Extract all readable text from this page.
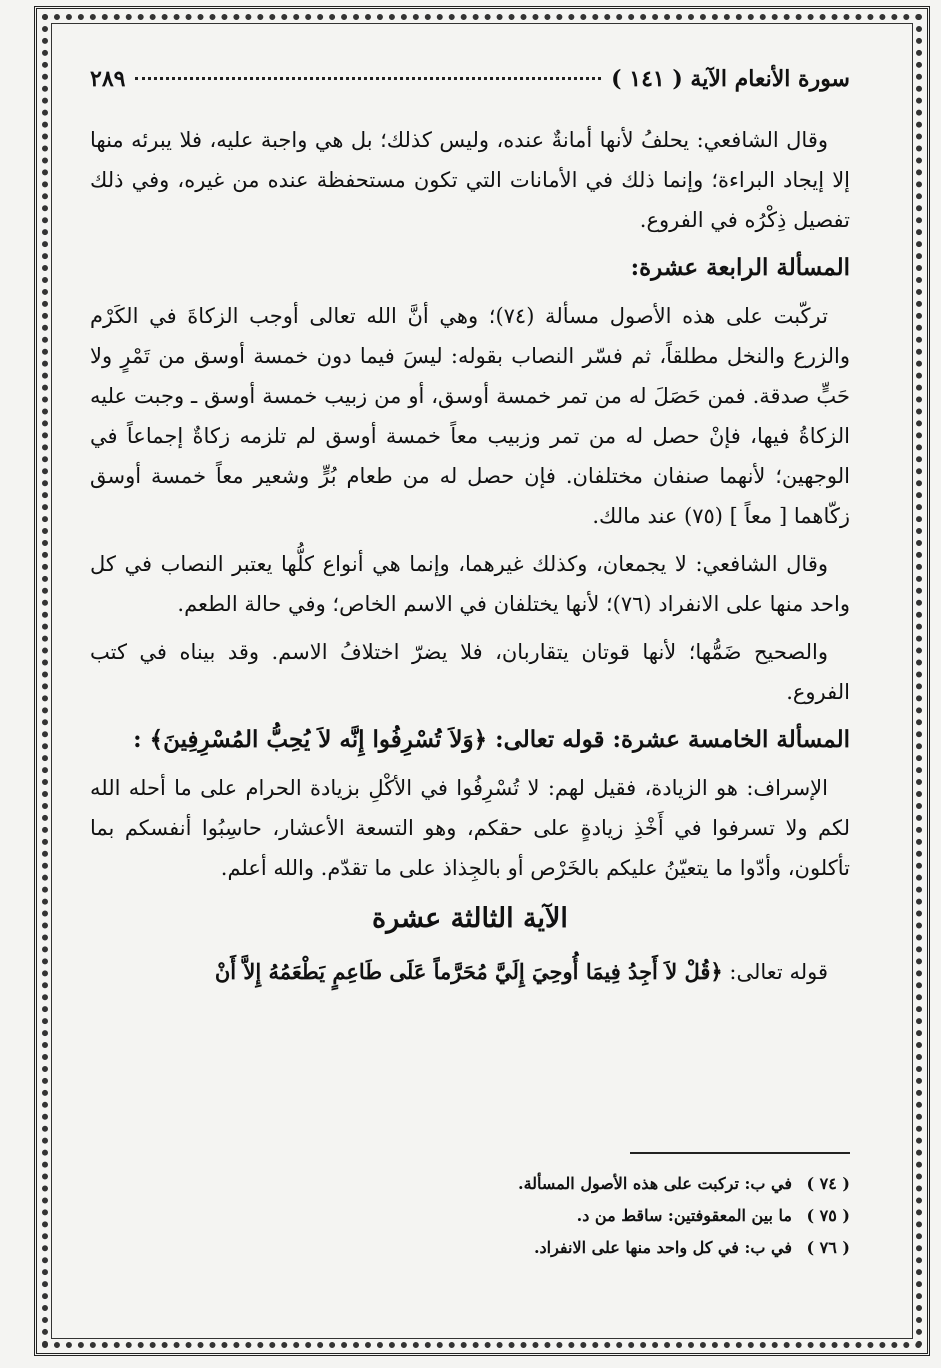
سورة الأنعام الآية ( ١٤١ )
٢٨٩

وقال الشافعي: يحلفُ لأنها أمانةٌ عنده، وليس كذلك؛ بل هي واجبة عليه، فلا يبرئه منها إلا إيجاد البراءة؛ وإنما ذلك في الأمانات التي تكون مستحفظة عنده من غيره، وفي ذلك تفصيل ذِكْرُه في الفروع.

المسألة الرابعة عشرة:

تركّبت على هذه الأصول مسألة (٧٤)؛ وهي أنَّ الله تعالى أوجب الزكاةَ في الكَرْم والزرع والنخل مطلقاً، ثم فسّر النصاب بقوله: ليسَ فيما دون خمسة أوسق من تَمْرٍ ولا حَبٍّ صدقة. فمن حَصَلَ له من تمر خمسة أوسق، أو من زبيب خمسة أوسق ـ وجبت عليه الزكاةُ فيها، فإنْ حصل له من تمر وزبيب معاً خمسة أوسق لم تلزمه زكاةٌ إجماعاً في الوجهين؛ لأنهما صنفان مختلفان. فإن حصل له من طعام بُرٍّ وشعير معاً خمسة أوسق زكّاهما [ معاً ] (٧٥) عند مالك.

وقال الشافعي: لا يجمعان، وكذلك غيرهما، وإنما هي أنواع كلُّها يعتبر النصاب في كل واحد منها على الانفراد (٧٦)؛ لأنها يختلفان في الاسم الخاص؛ وفي حالة الطعم.

والصحيح ضَمُّها؛ لأنها قوتان يتقاربان، فلا يضرّ اختلافُ الاسم. وقد بيناه في كتب الفروع.

المسألة الخامسة عشرة: قوله تعالى: ﴿وَلاَ تُسْرِفُوا إِنَّه لاَ يُحِبُّ المُسْرِفِينَ﴾ :

الإسراف: هو الزيادة، فقيل لهم: لا تُسْرِفُوا في الأكْلِ بزيادة الحرام على ما أحله الله لكم ولا تسرفوا في أَخْذِ زيادةٍ على حقكم، وهو التسعة الأعشار، حاسِبُوا أنفسكم بما تأكلون، وأدّوا ما يتعيّنُ عليكم بالخَرْص أو بالجِذاذ على ما تقدّم. والله أعلم.

الآية الثالثة عشرة

قوله تعالى: ﴿قُلْ لاَ أَجِدُ فِيمَا أُوحِيَ إِلَيَّ مُحَرَّماً عَلَى طَاعِمٍ يَطْعَمُهُ إِلاَّ أَنْ

( ٧٤ )
في ب: تركبت على هذه الأصول المسألة.
( ٧٥ )
ما بين المعقوفتين: ساقط من د.
( ٧٦ )
في ب: في كل واحد منها على الانفراد.
